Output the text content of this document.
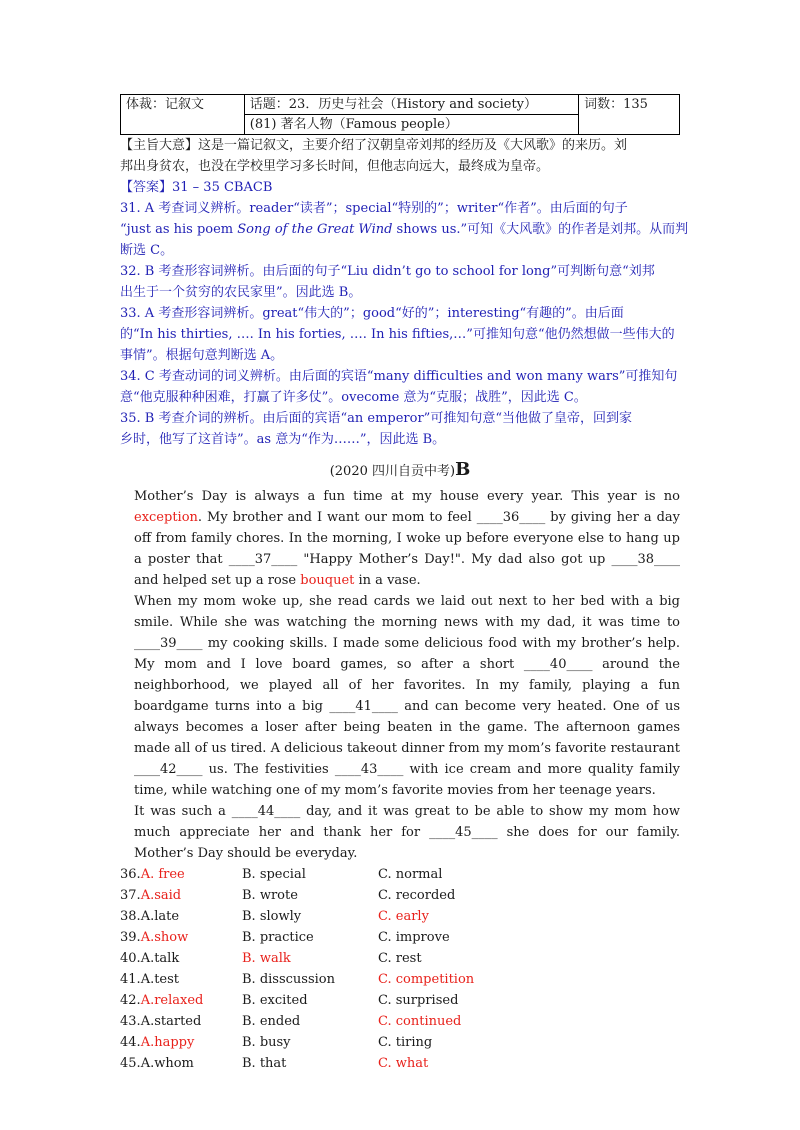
体裁：记叙文	话题：23．历史与社会（History and society）	词数：135
(81) 著名人物（Famous people）
【主旨大意】这是一篇记叙文，主要介绍了汉朝皇帝刘邦的经历及《大风歌》的来历。刘
邦出身贫农，也没在学校里学习多长时间，但他志向远大，最终成为皇帝。
【答案】31 – 35 CBACB
31. A 考查词义辨析。reader“读者”；special“特别的”；writer“作者”。由后面的句子
“just as his poem Song of the Great Wind shows us.”可知《大风歌》的作者是刘邦。从而判
断选 C。
32. B 考查形容词辨析。由后面的句子“Liu didn’t go to school for long”可判断句意“刘邦
出生于一个贫穷的农民家里”。因此选 B。
33. A 考查形容词辨析。great“伟大的”；good“好的”；interesting“有趣的”。由后面
的“In his thirties, …. In his forties, …. In his fifties,…”可推知句意“他仍然想做一些伟大的
事情”。根据句意判断选 A。
34. C 考查动词的词义辨析。由后面的宾语“many difficulties and won many wars”可推知句
意“他克服种种困难，打赢了许多仗”。ovecome 意为“克服；战胜”，因此选 C。
35. B 考查介词的辨析。由后面的宾语“an emperor”可推知句意“当他做了皇帝，回到家
乡时，他写了这首诗”。as 意为“作为……”，因此选 B。
(2020 四川自贡中考)B
Mother’s Day is always a fun time at my house every year. This year is no exception. My brother and I want our mom to feel ____36____ by giving her a day off from family chores. In the morning, I woke up before everyone else to hang up a poster that ____37____ "Happy Mother’s Day!". My dad also got up ____38____ and helped set up a rose bouquet in a vase.
When my mom woke up, she read cards we laid out next to her bed with a big smile. While she was watching the morning news with my dad, it was time to ____39____ my cooking skills. I made some delicious food with my brother’s help. My mom and I love board games, so after a short ____40____ around the neighborhood, we played all of her favorites. In my family, playing a fun boardgame turns into a big ____41____ and can become very heated. One of us always becomes a loser after being beaten in the game. The afternoon games made all of us tired. A delicious takeout dinner from my mom’s favorite restaurant ____42____ us. The festivities ____43____ with ice cream and more quality family time, while watching one of my mom’s favorite movies from her teenage years.
It was such a ____44____ day, and it was great to be able to show my mom how much appreciate her and thank her for ____45____ she does for our family. Mother’s Day should be everyday.
36.A. free	B. special	C. normal
37.A.said	B. wrote	C. recorded
38.A.late	B. slowly	C. early
39.A.show	B. practice	C. improve
40.A.talk	B. walk	C. rest
41.A.test	B. disscussion	C. competition
42.A.relaxed	B. excited	C. surprised
43.A.started	B. ended	C. continued
44.A.happy	B. busy	C. tiring
45.A.whom	B. that	C. what
